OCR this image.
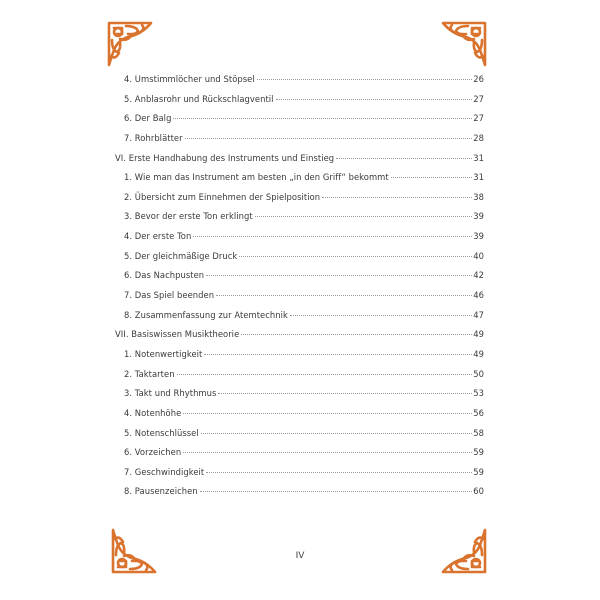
4. Umstimmlöcher und Stöpsel	26
5. Anblasrohr und Rückschlagventil	27
6. Der Balg	27
7. Rohrblätter	28
VI. Erste Handhabung des Instruments und Einstieg	31
1. Wie man das Instrument am besten „in den Griff“ bekommt	31
2. Übersicht zum Einnehmen der Spielposition	38
3. Bevor der erste Ton erklingt	39
4. Der erste Ton	39
5. Der gleichmäßige Druck	40
6. Das Nachpusten	42
7. Das Spiel beenden	46
8. Zusammenfassung zur Atemtechnik	47
VII. Basiswissen Musiktheorie	49
1. Notenwertigkeit	49
2. Taktarten	50
3. Takt und Rhythmus	53
4. Notenhöhe	56
5. Notenschlüssel	58
6. Vorzeichen	59
7. Geschwindigkeit	59
8. Pausenzeichen	60
IV
